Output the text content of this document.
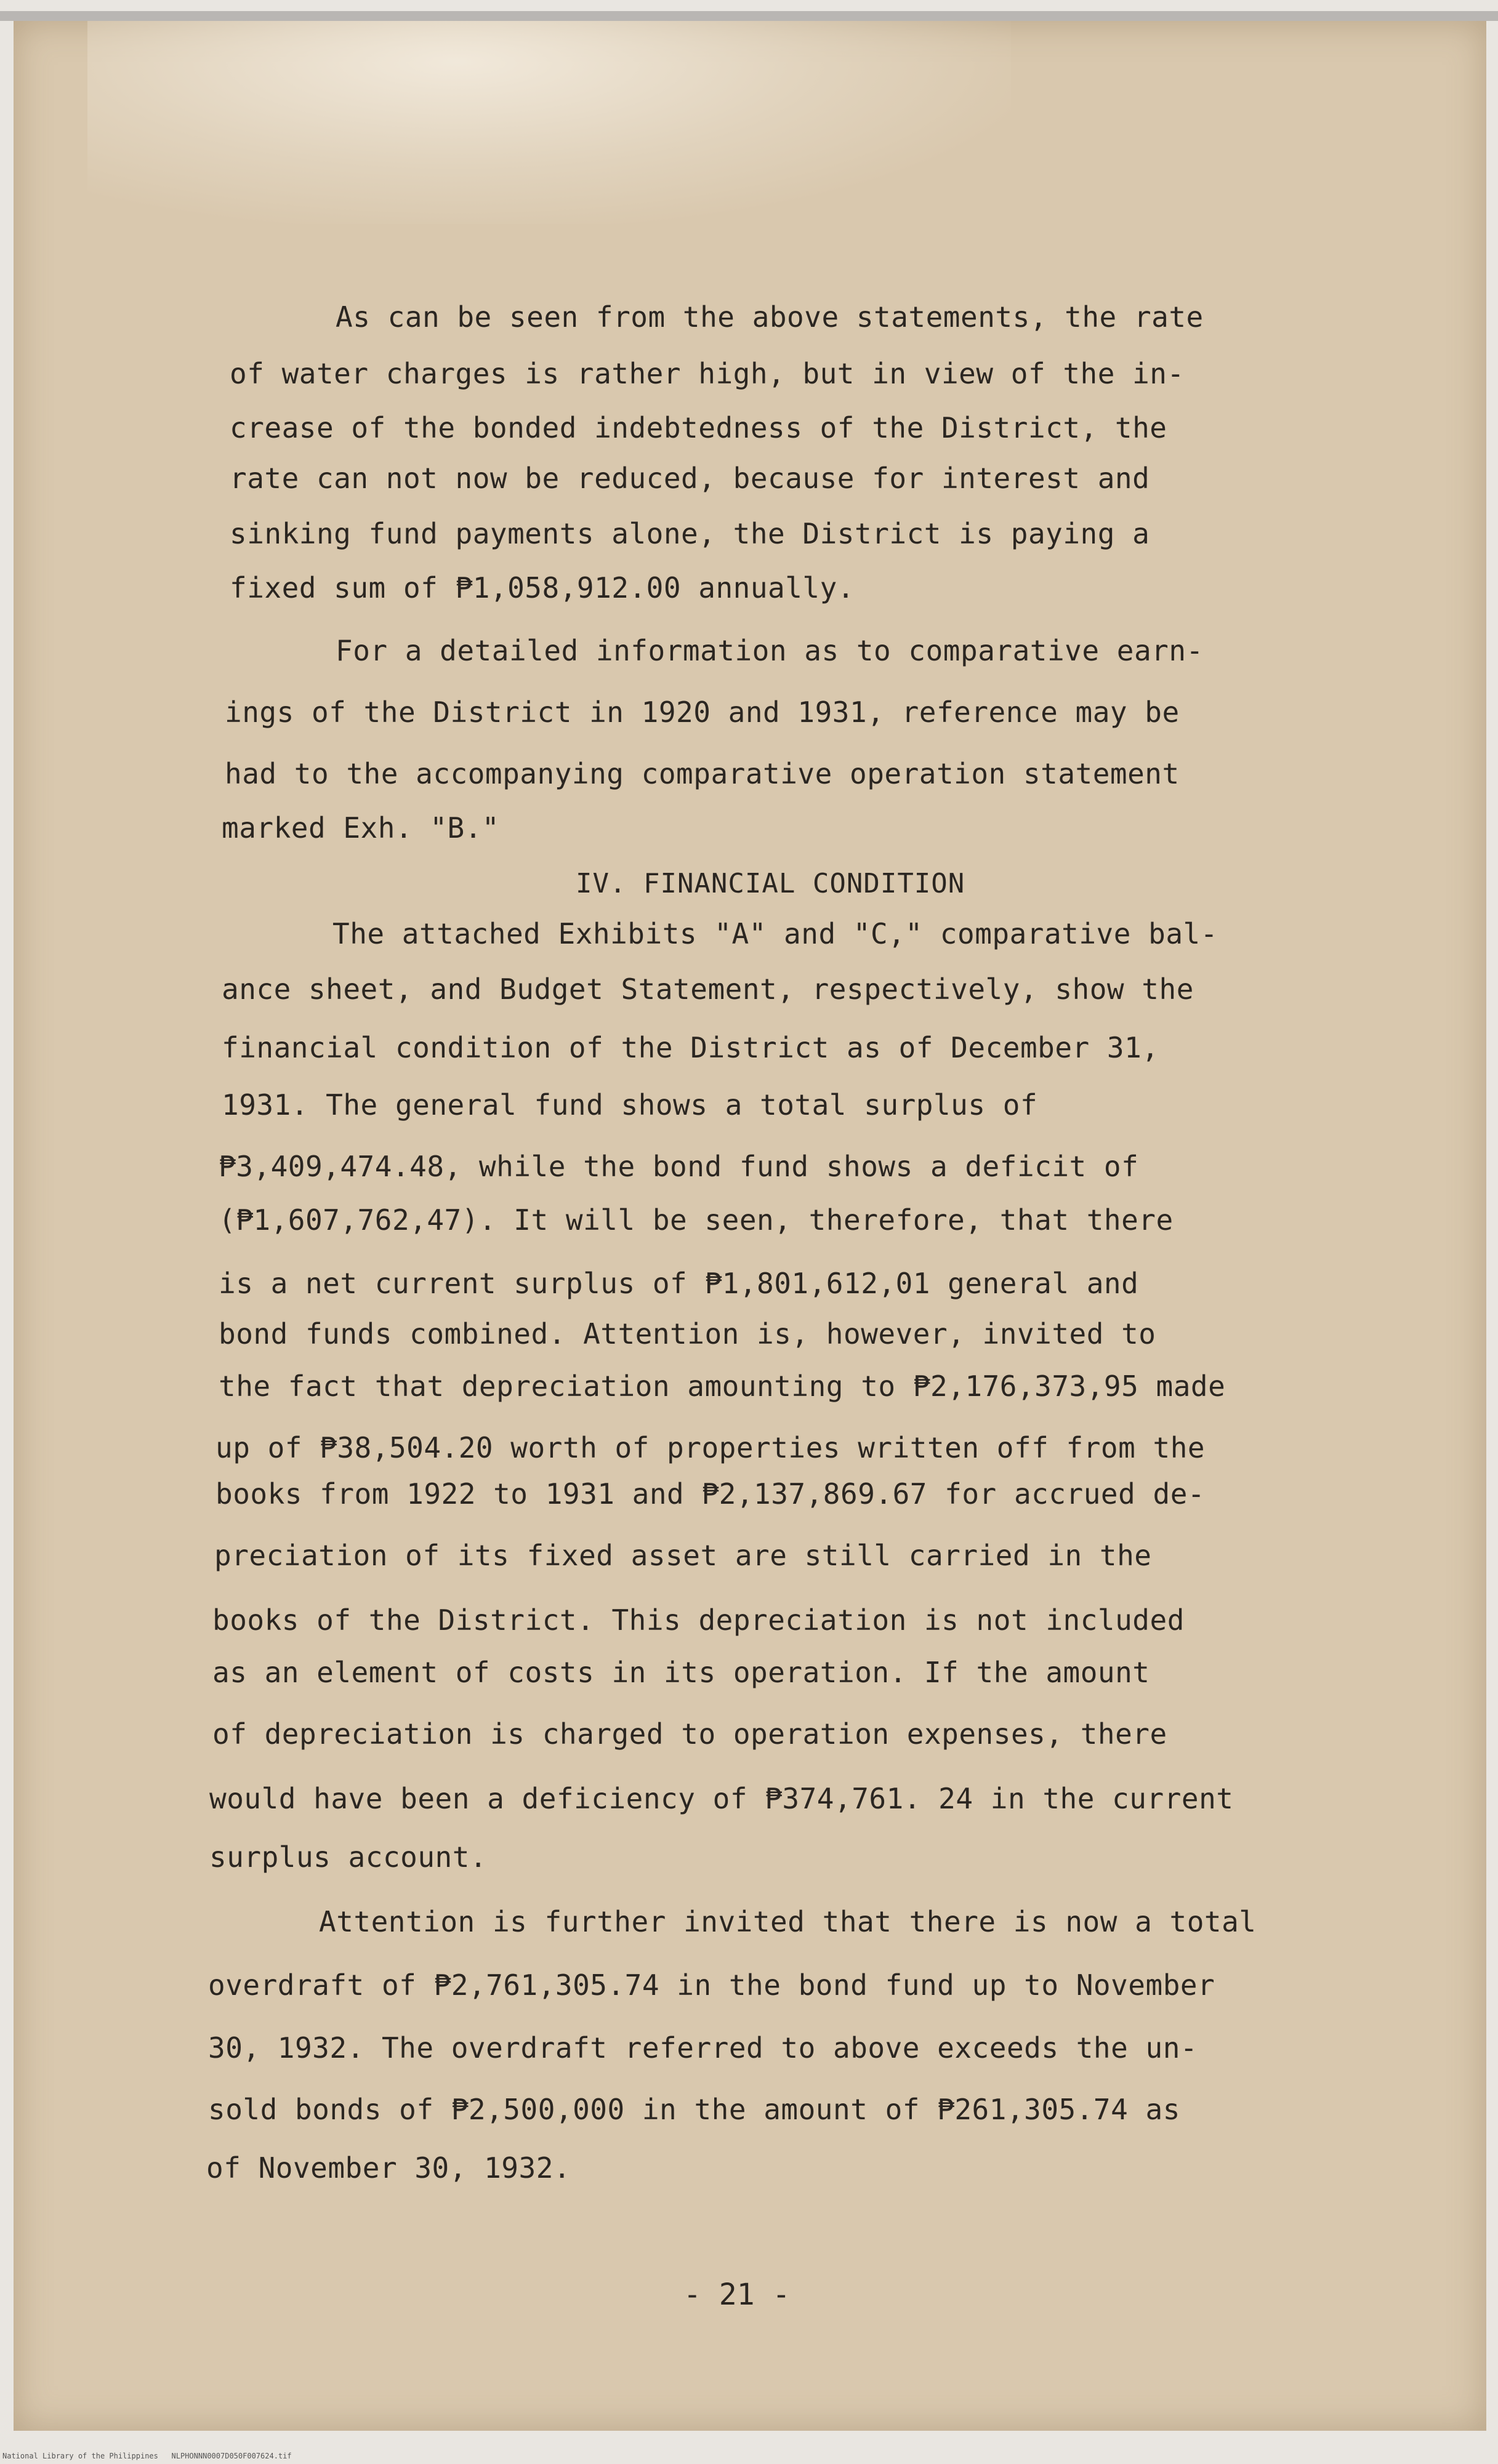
As can be seen from the above statements, the rate
of water charges is rather high, but in view of the in-
crease of the bonded indebtedness of the District, the
rate can not now be reduced, because for interest and
sinking fund payments alone, the District is paying a
fixed sum of ₱1,058,912.00 annually.
For a detailed information as to comparative earn-
ings of the District in 1920 and 1931, reference may be
had to the accompanying comparative operation statement
marked Exh. "B."
IV. FINANCIAL CONDITION
The attached Exhibits "A" and "C," comparative bal-
ance sheet, and Budget Statement, respectively, show the
financial condition of the District as of December 31,
1931. The general fund shows a total surplus of
₱3,409,474.48, while the bond fund shows a deficit of
(₱1,607,762,47). It will be seen, therefore, that there
is a net current surplus of ₱1,801,612,01 general and
bond funds combined. Attention is, however, invited to
the fact that depreciation amounting to ₱2,176,373,95 made
up of ₱38,504.20 worth of properties written off from the
books from 1922 to 1931 and ₱2,137,869.67 for accrued de-
preciation of its fixed asset are still carried in the
books of the District. This depreciation is not included
as an element of costs in its operation. If the amount
of depreciation is charged to operation expenses, there
would have been a deficiency of ₱374,761. 24 in the current
surplus account.
Attention is further invited that there is now a total
overdraft of ₱2,761,305.74 in the bond fund up to November
30, 1932. The overdraft referred to above exceeds the un-
sold bonds of ₱2,500,000 in the amount of ₱261,305.74 as
of November 30, 1932.
- 21 -
National Library of the Philippines   NLPHONNN0007D050F007624.tif
